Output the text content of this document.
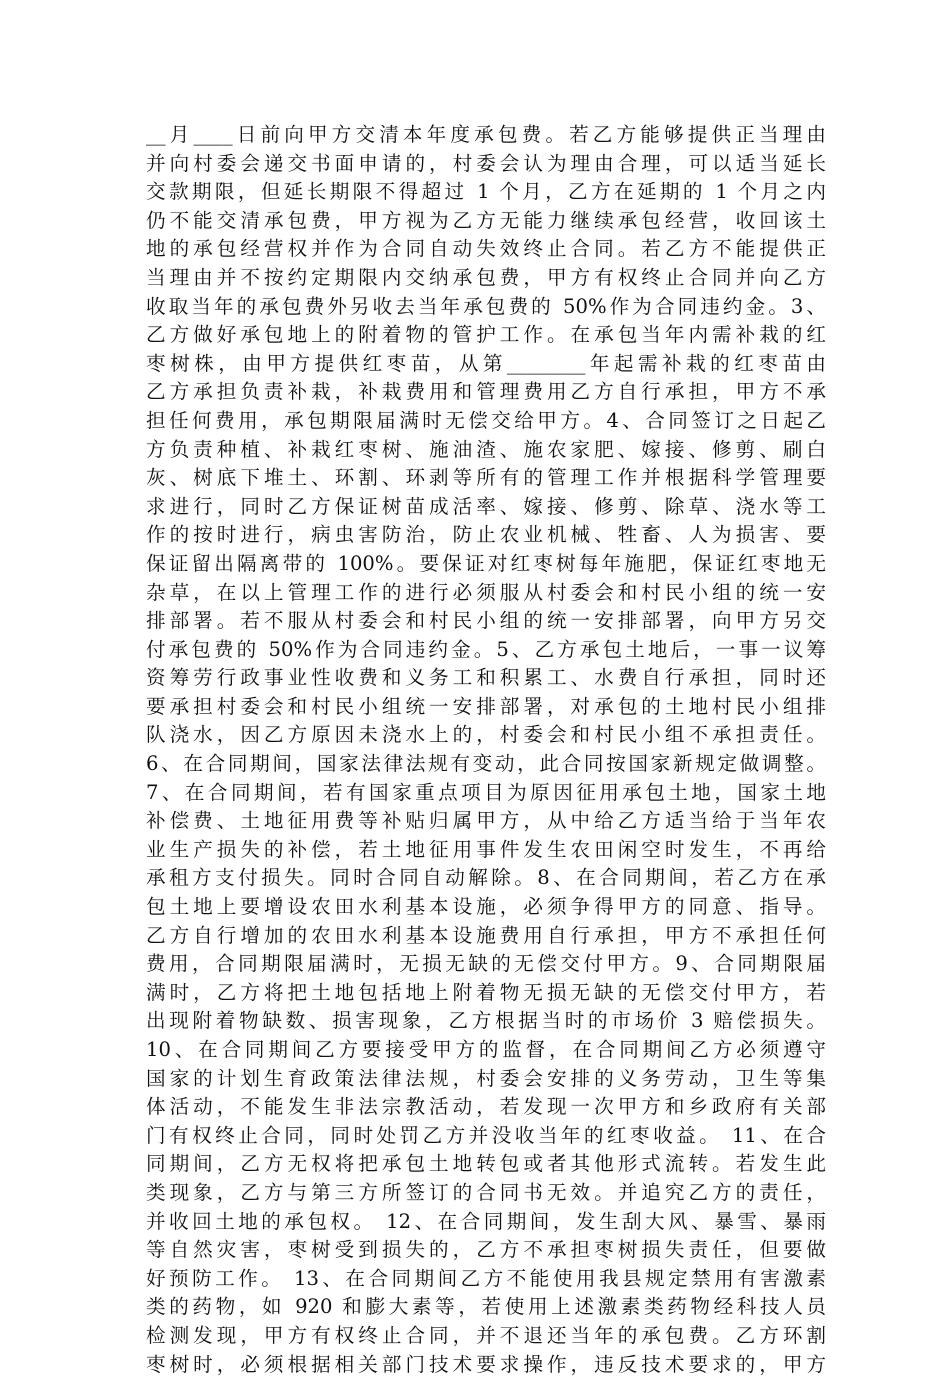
__月____日前向甲方交清本年度承包费。若乙方能够提供正当理由
并向村委会递交书面申请的，村委会认为理由合理，可以适当延长
交款期限，但延长期限不得超过 1 个月，乙方在延期的 1 个月之内
仍不能交清承包费，甲方视为乙方无能力继续承包经营，收回该土
地的承包经营权并作为合同自动失效终止合同。若乙方不能提供正
当理由并不按约定期限内交纳承包费，甲方有权终止合同并向乙方
收取当年的承包费外另收去当年承包费的 50%作为合同违约金。3、
乙方做好承包地上的附着物的管护工作。在承包当年内需补栽的红
枣树株，由甲方提供红枣苗，从第________年起需补栽的红枣苗由
乙方承担负责补栽，补栽费用和管理费用乙方自行承担，甲方不承
担任何费用，承包期限届满时无偿交给甲方。4、合同签订之日起乙
方负责种植、补栽红枣树、施油渣、施农家肥、嫁接、修剪、刷白
灰、树底下堆土、环割、环剥等所有的管理工作并根据科学管理要
求进行，同时乙方保证树苗成活率、嫁接、修剪、除草、浇水等工
作的按时进行，病虫害防治，防止农业机械、牲畜、人为损害、要
保证留出隔离带的 100%。要保证对红枣树每年施肥，保证红枣地无
杂草，在以上管理工作的进行必须服从村委会和村民小组的统一安
排部署。若不服从村委会和村民小组的统一安排部署，向甲方另交
付承包费的 50%作为合同违约金。5、乙方承包土地后，一事一议筹
资筹劳行政事业性收费和义务工和积累工、水费自行承担，同时还
要承担村委会和村民小组统一安排部署，对承包的土地村民小组排
队浇水，因乙方原因未浇水上的，村委会和村民小组不承担责任。
6、在合同期间，国家法律法规有变动，此合同按国家新规定做调整。
7、在合同期间，若有国家重点项目为原因征用承包土地，国家土地
补偿费、土地征用费等补贴归属甲方，从中给乙方适当给于当年农
业生产损失的补偿，若土地征用事件发生农田闲空时发生，不再给
承租方支付损失。同时合同自动解除。8、在合同期间，若乙方在承
包土地上要增设农田水利基本设施，必须争得甲方的同意、指导。
乙方自行增加的农田水利基本设施费用自行承担，甲方不承担任何
费用，合同期限届满时，无损无缺的无偿交付甲方。9、合同期限届
满时，乙方将把土地包括地上附着物无损无缺的无偿交付甲方，若
出现附着物缺数、损害现象，乙方根据当时的市场价 3 赔偿损失。
10、在合同期间乙方要接受甲方的监督，在合同期间乙方必须遵守
国家的计划生育政策法律法规，村委会安排的义务劳动，卫生等集
体活动，不能发生非法宗教活动，若发现一次甲方和乡政府有关部
门有权终止合同，同时处罚乙方并没收当年的红枣收益。 11、在合
同期间，乙方无权将把承包土地转包或者其他形式流转。若发生此
类现象，乙方与第三方所签订的合同书无效。并追究乙方的责任，
并收回土地的承包权。 12、在合同期间，发生刮大风、暴雪、暴雨
等自然灾害，枣树受到损失的，乙方不承担枣树损失责任，但要做
好预防工作。 13、在合同期间乙方不能使用我县规定禁用有害激素
类的药物，如 920 和膨大素等，若使用上述激素类药物经科技人员
检测发现，甲方有权终止合同，并不退还当年的承包费。乙方环割
枣树时，必须根据相关部门技术要求操作，违反技术要求的，甲方
